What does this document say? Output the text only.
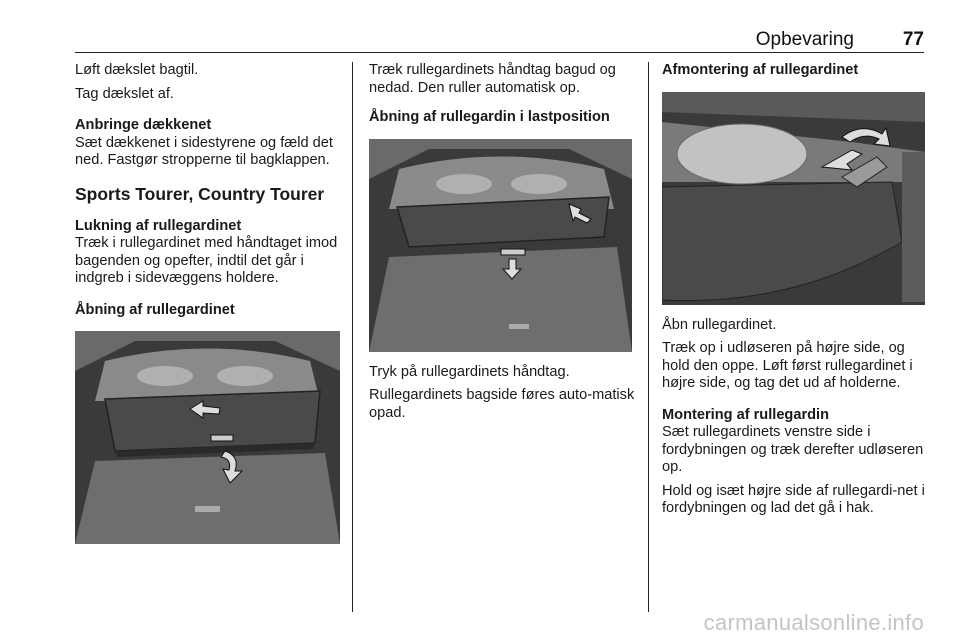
Opbevaring	77

Løft dækslet bagtil.

Tag dækslet af.

Anbringe dækkenet

Sæt dækkenet i sidestyrene og fæld det ned. Fastgør stropperne til bagklappen.

Sports Tourer, Country Tourer
Lukning af rullegardinet

Træk i rullegardinet med håndtaget imod bagenden og opefter, indtil det går i indgreb i sidevæggens holdere.

Åbning af rullegardinet

Træk rullegardinets håndtag bagud og nedad. Den ruller automatisk op.

Åbning af rullegardin i lastposition

Tryk på rullegardinets håndtag.

Rullegardinets bagside føres auto-matisk opad.

Afmontering af rullegardinet

Åbn rullegardinet.

Træk op i udløseren på højre side, og hold den oppe. Løft først rullegardinet i højre side, og tag det ud af holderne.

Montering af rullegardin

Sæt rullegardinets venstre side i fordybningen og træk derefter udløseren op.

Hold og isæt højre side af rullegardi-net i fordybningen og lad det gå i hak.

carmanualsonline.info
